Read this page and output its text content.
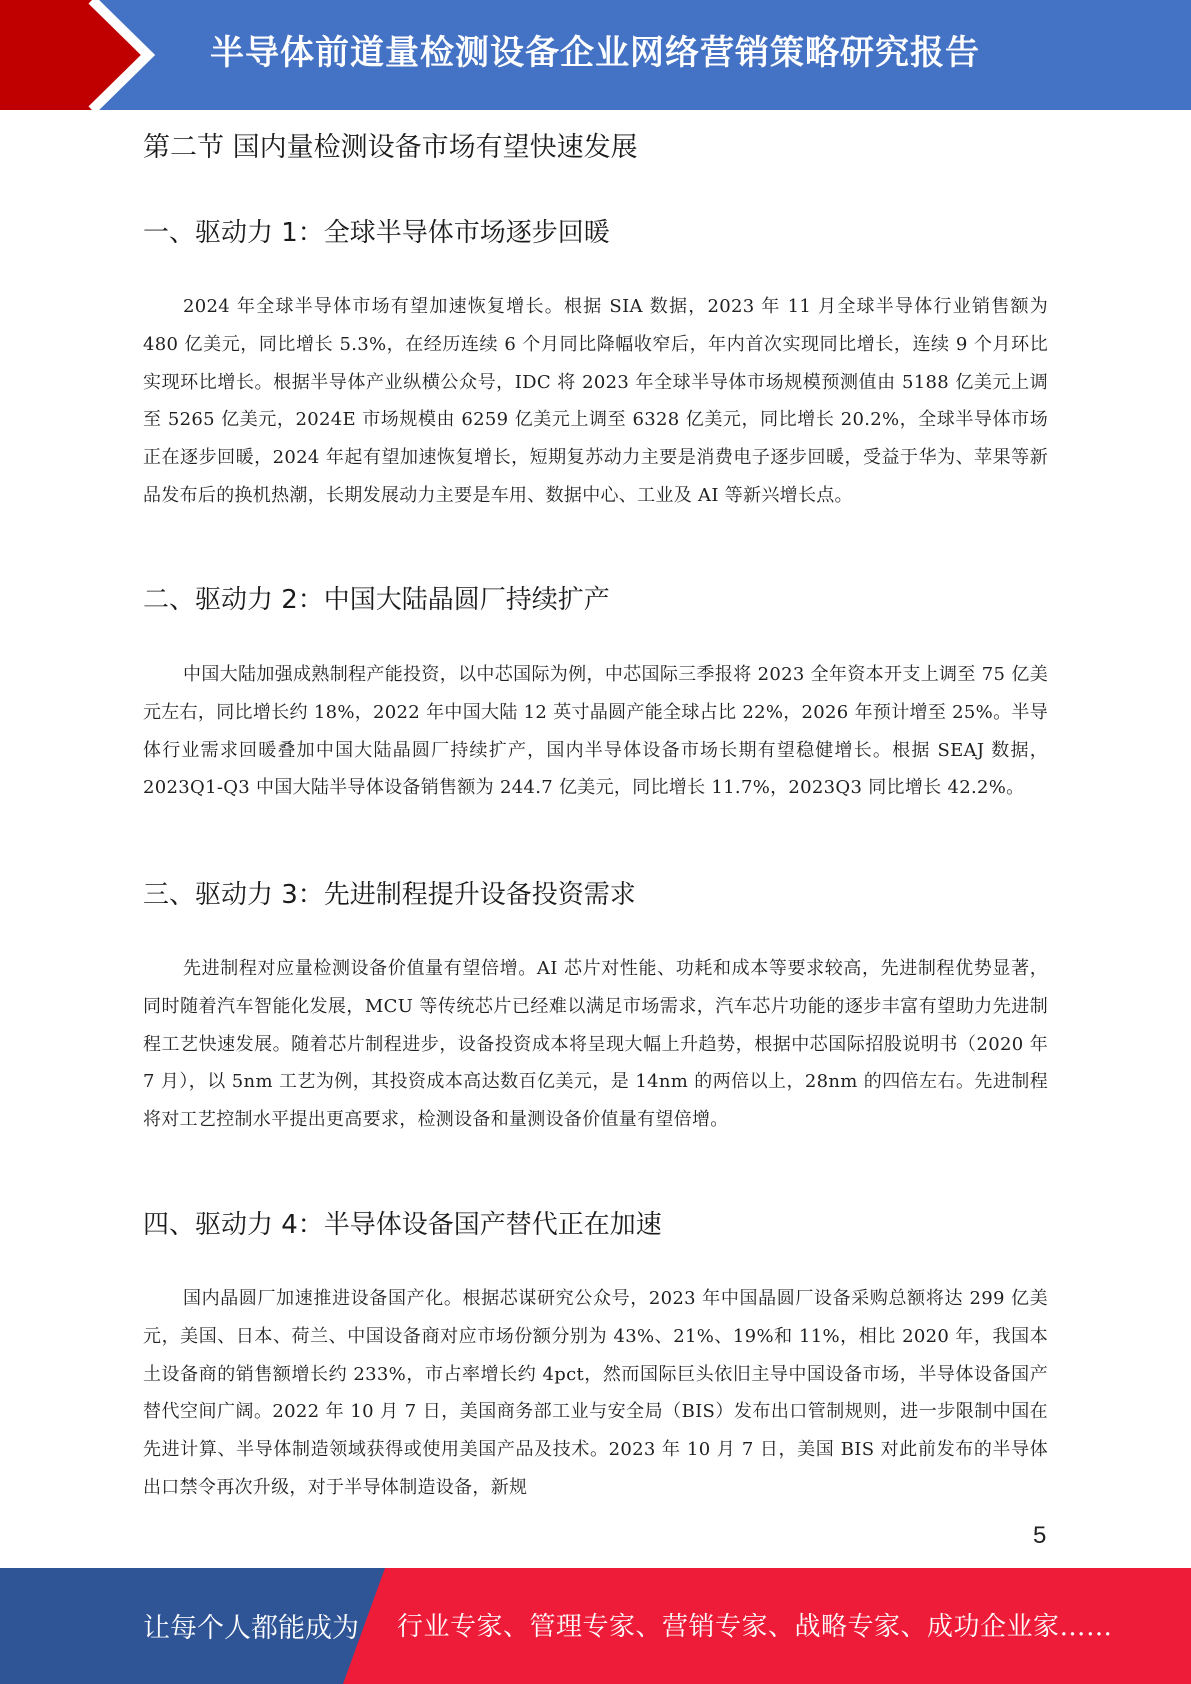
半导体前道量检测设备企业网络营销策略研究报告
第二节 国内量检测设备市场有望快速发展
一、驱动力 1：全球半导体市场逐步回暖

2024 年全球半导体市场有望加速恢复增长。根据 SIA 数据，2023 年 11 月全球半导体行业销售额为 480 亿美元，同比增长 5.3%，在经历连续 6 个月同比降幅收窄后，年内首次实现同比增长，连续 9 个月环比实现环比增长。根据半导体产业纵横公众号，IDC 将 2023 年全球半导体市场规模预测值由 5188 亿美元上调至 5265 亿美元，2024E 市场规模由 6259 亿美元上调至 6328 亿美元，同比增长 20.2%，全球半导体市场正在逐步回暖，2024 年起有望加速恢复增长，短期复苏动力主要是消费电子逐步回暖，受益于华为、苹果等新品发布后的换机热潮，长期发展动力主要是车用、数据中心、工业及 AI 等新兴增长点。

二、驱动力 2：中国大陆晶圆厂持续扩产

中国大陆加强成熟制程产能投资，以中芯国际为例，中芯国际三季报将 2023 全年资本开支上调至 75 亿美元左右，同比增长约 18%，2022 年中国大陆 12 英寸晶圆产能全球占比 22%，2026 年预计增至 25%。半导体行业需求回暖叠加中国大陆晶圆厂持续扩产，国内半导体设备市场长期有望稳健增长。根据 SEAJ 数据，2023Q1-Q3 中国大陆半导体设备销售额为 244.7 亿美元，同比增长 11.7%，2023Q3 同比增长 42.2%。

三、驱动力 3：先进制程提升设备投资需求

先进制程对应量检测设备价值量有望倍增。AI 芯片对性能、功耗和成本等要求较高，先进制程优势显著，同时随着汽车智能化发展，MCU 等传统芯片已经难以满足市场需求，汽车芯片功能的逐步丰富有望助力先进制程工艺快速发展。随着芯片制程进步，设备投资成本将呈现大幅上升趋势，根据中芯国际招股说明书（2020 年 7 月），以 5nm 工艺为例，其投资成本高达数百亿美元，是 14nm 的两倍以上，28nm 的四倍左右。先进制程将对工艺控制水平提出更高要求，检测设备和量测设备价值量有望倍增。

四、驱动力 4：半导体设备国产替代正在加速

国内晶圆厂加速推进设备国产化。根据芯谋研究公众号，2023 年中国晶圆厂设备采购总额将达 299 亿美元，美国、日本、荷兰、中国设备商对应市场份额分别为 43%、21%、19%和 11%，相比 2020 年，我国本土设备商的销售额增长约 233%，市占率增长约 4pct，然而国际巨头依旧主导中国设备市场，半导体设备国产替代空间广阔。2022 年 10 月 7 日，美国商务部工业与安全局（BIS）发布出口管制规则，进一步限制中国在先进计算、半导体制造领域获得或使用美国产品及技术。2023 年 10 月 7 日，美国 BIS 对此前发布的半导体出口禁令再次升级，对于半导体制造设备，新规

5
让每个人都能成为 行业专家、管理专家、营销专家、战略专家、成功企业家……
